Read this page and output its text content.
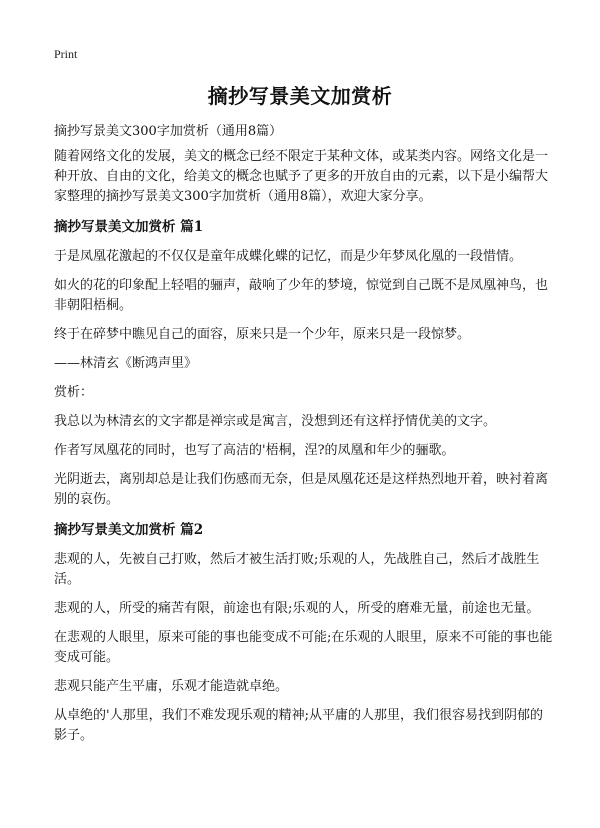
Print
摘抄写景美文加赏析

摘抄写景美文300字加赏析（通用8篇）

随着网络文化的发展，美文的概念已经不限定于某种文体，或某类内容。网络文化是一种开放、自由的文化，给美文的概念也赋予了更多的开放自由的元素，以下是小编帮大家整理的摘抄写景美文300字加赏析（通用8篇），欢迎大家分享。

摘抄写景美文加赏析 篇1

于是凤凰花激起的不仅仅是童年成蝶化蝶的记忆，而是少年梦凤化凰的一段惜情。

如火的花的印象配上轻唱的骊声，敲响了少年的梦境，惊觉到自己既不是凤凰神鸟，也非朝阳梧桐。

终于在碎梦中瞧见自己的面容，原来只是一个少年，原来只是一段惊梦。

——林清玄《断鸿声里》

赏析：

我总以为林清玄的文字都是禅宗或是寓言，没想到还有这样抒情优美的文字。

作者写凤凰花的同时，也写了高洁的'梧桐，涅?的凤凰和年少的骊歌。

光阴逝去，离别却总是让我们伤感而无奈，但是凤凰花还是这样热烈地开着，映衬着离别的哀伤。

摘抄写景美文加赏析 篇2

悲观的人，先被自己打败，然后才被生活打败;乐观的人，先战胜自己，然后才战胜生活。

悲观的人，所受的痛苦有限，前途也有限;乐观的人，所受的磨难无量，前途也无量。

在悲观的人眼里，原来可能的事也能变成不可能;在乐观的人眼里，原来不可能的事也能变成可能。

悲观只能产生平庸，乐观才能造就卓绝。

从卓绝的'人那里，我们不难发现乐观的精神;从平庸的人那里，我们很容易找到阴郁的影子。
